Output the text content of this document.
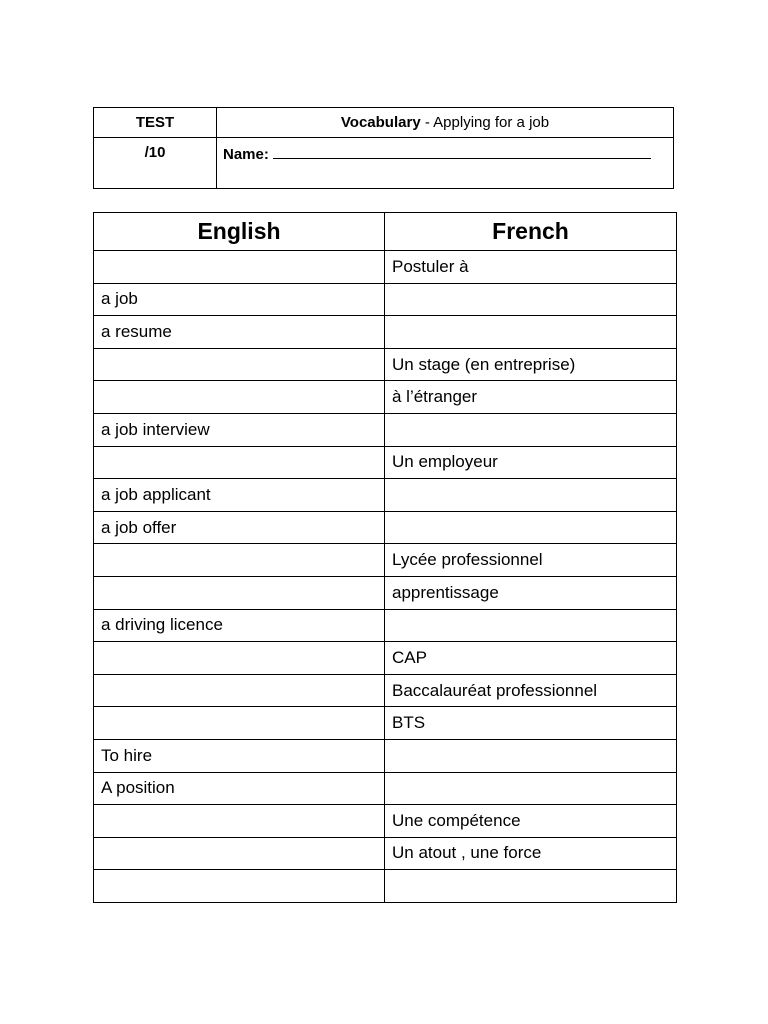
TEST	Vocabulary - Applying for a job
/10	Name:
English	French
	Postuler à
a job	
a resume	
	Un stage (en entreprise)
	à l’étranger
a job interview	
	Un employeur
a job applicant	
a job offer	
	Lycée professionnel
	apprentissage
a driving licence	
	CAP
	Baccalauréat professionnel
	BTS
To hire	
A position	
	Une compétence
	Un atout , une force
